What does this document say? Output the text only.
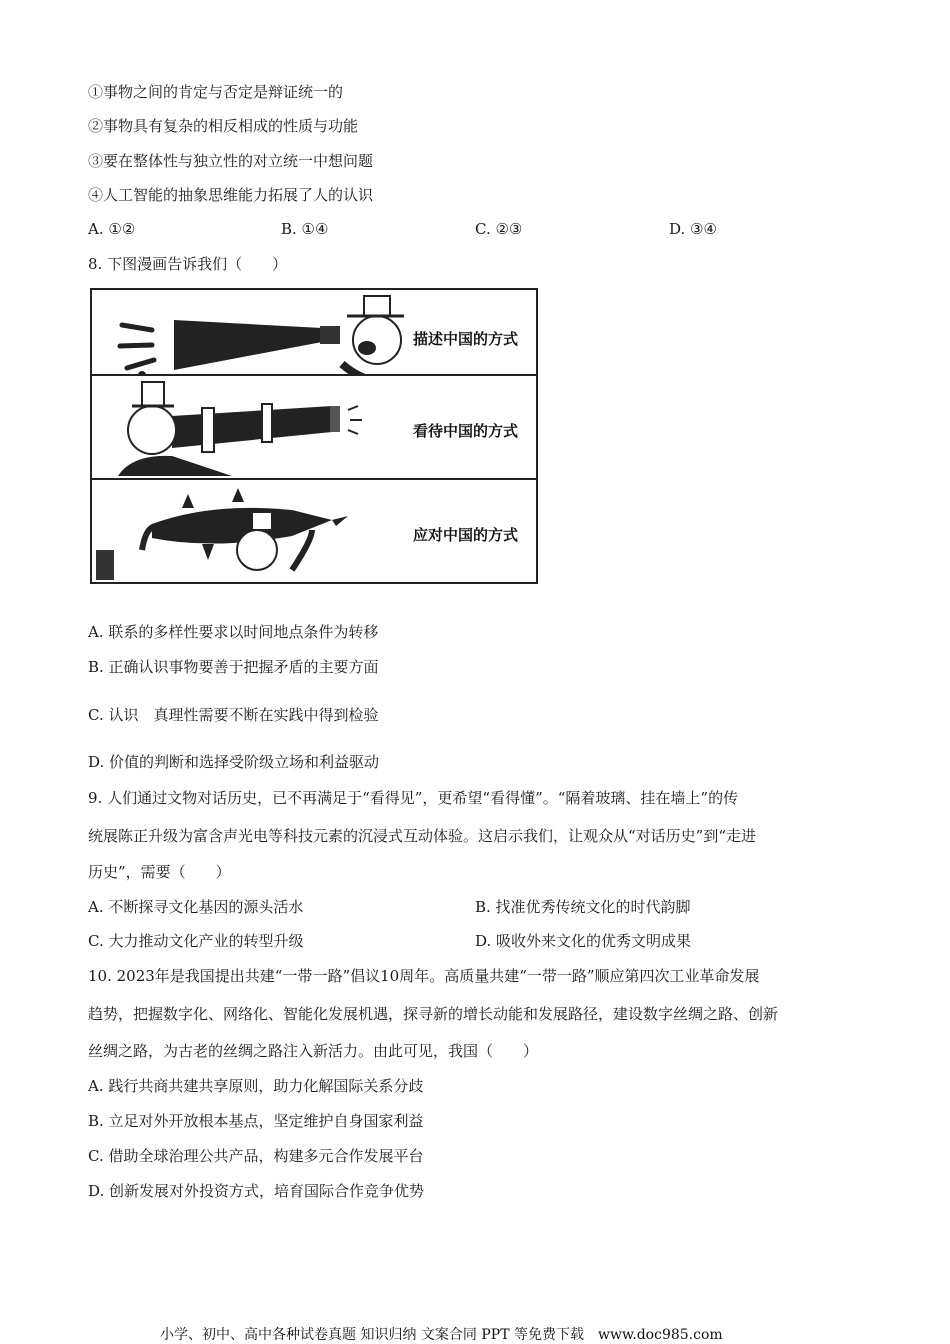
①事物之间的肯定与否定是辩证统一的
②事物具有复杂的相反相成的性质与功能
③要在整体性与独立性的对立统一中想问题
④人工智能的抽象思维能力拓展了人的认识
A. ①②	B. ①④	C. ②③	D. ③④
8. 下图漫画告诉我们（　　）
描述中国的方式
看待中国的方式
应对中国的方式
A. 联系的多样性要求以时间地点条件为转移
B. 正确认识事物要善于把握矛盾的主要方面
C. 认识　真理性需要不断在实践中得到检验
D. 价值的判断和选择受阶级立场和利益驱动
9. 人们通过文物对话历史，已不再满足于“看得见”，更希望“看得懂”。“隔着玻璃、挂在墙上”的传
统展陈正升级为富含声光电等科技元素的沉浸式互动体验。这启示我们，让观众从“对话历史”到“走进
历史”，需要（　　）
A. 不断探寻文化基因的源头活水	B. 找准优秀传统文化的时代韵脚
C. 大力推动文化产业的转型升级	D. 吸收外来文化的优秀文明成果
10. 2023年是我国提出共建“一带一路”倡议10周年。高质量共建“一带一路”顺应第四次工业革命发展
趋势，把握数字化、网络化、智能化发展机遇，探寻新的增长动能和发展路径，建设数字丝绸之路、创新
丝绸之路，为古老的丝绸之路注入新活力。由此可见，我国（　　）
A. 践行共商共建共享原则，助力化解国际关系分歧
B. 立足对外开放根本基点，坚定维护自身国家利益
C. 借助全球治理公共产品，构建多元合作发展平台
D. 创新发展对外投资方式，培育国际合作竞争优势
小学、初中、高中各种试卷真题 知识归纳 文案合同 PPT 等免费下载 www.doc985.com
